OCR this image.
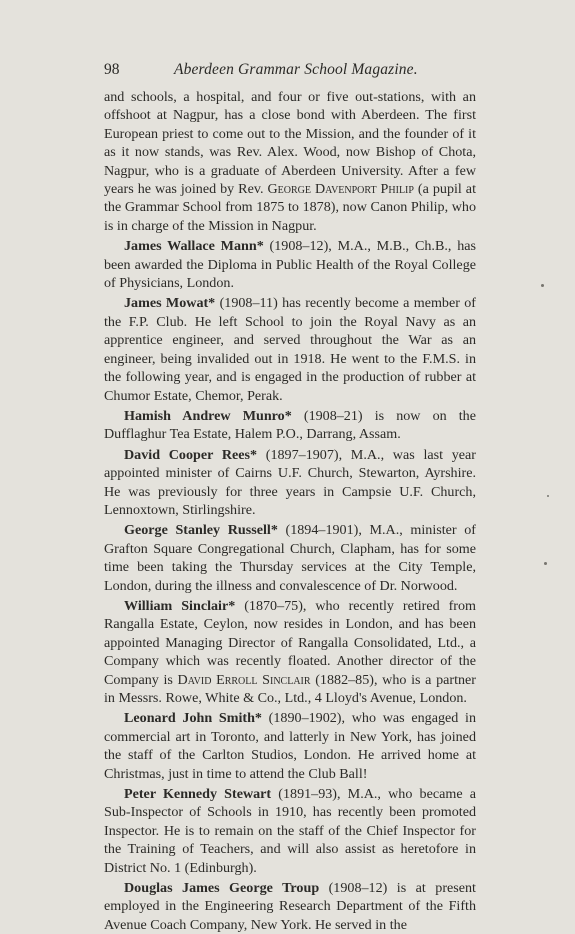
98	Aberdeen Grammar School Magazine.

and schools, a hospital, and four or five out-stations, with an offshoot at Nagpur, has a close bond with Aberdeen. The first European priest to come out to the Mission, and the founder of it as it now stands, was Rev. Alex. Wood, now Bishop of Chota, Nagpur, who is a graduate of Aberdeen University. After a few years he was joined by Rev. George Davenport Philip (a pupil at the Grammar School from 1875 to 1878), now Canon Philip, who is in charge of the Mission in Nagpur.

James Wallace Mann* (1908–12), M.A., M.B., Ch.B., has been awarded the Diploma in Public Health of the Royal College of Physicians, London.

James Mowat* (1908–11) has recently become a member of the F.P. Club. He left School to join the Royal Navy as an apprentice engineer, and served throughout the War as an engineer, being invalided out in 1918. He went to the F.M.S. in the following year, and is engaged in the production of rubber at Chumor Estate, Chemor, Perak.

Hamish Andrew Munro* (1908–21) is now on the Dufflaghur Tea Estate, Halem P.O., Darrang, Assam.

David Cooper Rees* (1897–1907), M.A., was last year appointed minister of Cairns U.F. Church, Stewarton, Ayrshire. He was previously for three years in Campsie U.F. Church, Lennoxtown, Stirlingshire.

George Stanley Russell* (1894–1901), M.A., minister of Grafton Square Congregational Church, Clapham, has for some time been taking the Thursday services at the City Temple, London, during the illness and convalescence of Dr. Norwood.

William Sinclair* (1870–75), who recently retired from Rangalla Estate, Ceylon, now resides in London, and has been appointed Managing Director of Rangalla Consolidated, Ltd., a Company which was recently floated. Another director of the Company is David Erroll Sinclair (1882–85), who is a partner in Messrs. Rowe, White & Co., Ltd., 4 Lloyd's Avenue, London.

Leonard John Smith* (1890–1902), who was engaged in commercial art in Toronto, and latterly in New York, has joined the staff of the Carlton Studios, London. He arrived home at Christmas, just in time to attend the Club Ball!

Peter Kennedy Stewart (1891–93), M.A., who became a Sub-Inspector of Schools in 1910, has recently been promoted Inspector. He is to remain on the staff of the Chief Inspector for the Training of Teachers, and will also assist as heretofore in District No. 1 (Edinburgh).

Douglas James George Troup (1908–12) is at present employed in the Engineering Research Department of the Fifth Avenue Coach Company, New York. He served in the
